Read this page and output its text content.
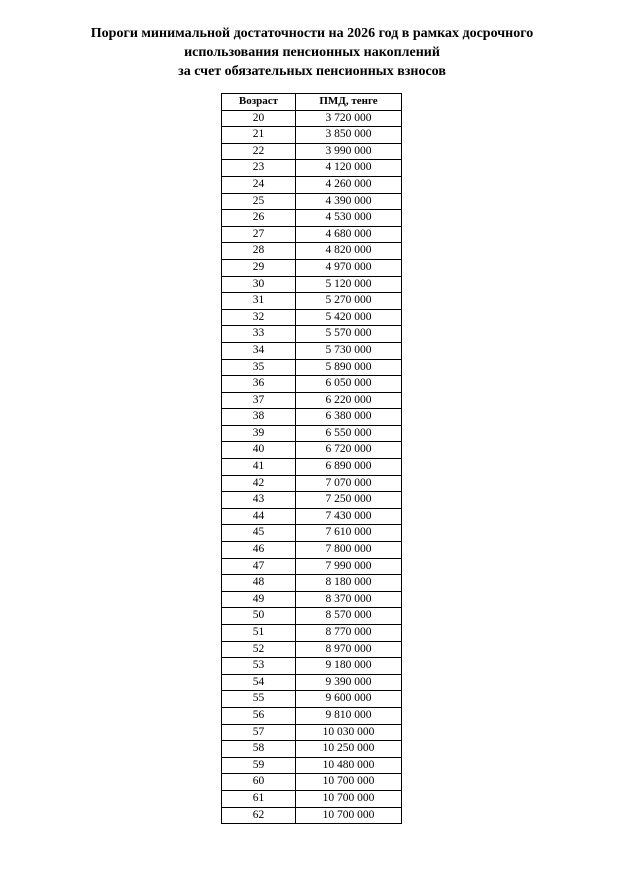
Пороги минимальной достаточности на 2026 год в рамках досрочного
использования пенсионных накоплений
за счет обязательных пенсионных взносов
Возраст	ПМД, тенге
20	3 720 000
21	3 850 000
22	3 990 000
23	4 120 000
24	4 260 000
25	4 390 000
26	4 530 000
27	4 680 000
28	4 820 000
29	4 970 000
30	5 120 000
31	5 270 000
32	5 420 000
33	5 570 000
34	5 730 000
35	5 890 000
36	6 050 000
37	6 220 000
38	6 380 000
39	6 550 000
40	6 720 000
41	6 890 000
42	7 070 000
43	7 250 000
44	7 430 000
45	7 610 000
46	7 800 000
47	7 990 000
48	8 180 000
49	8 370 000
50	8 570 000
51	8 770 000
52	8 970 000
53	9 180 000
54	9 390 000
55	9 600 000
56	9 810 000
57	10 030 000
58	10 250 000
59	10 480 000
60	10 700 000
61	10 700 000
62	10 700 000
